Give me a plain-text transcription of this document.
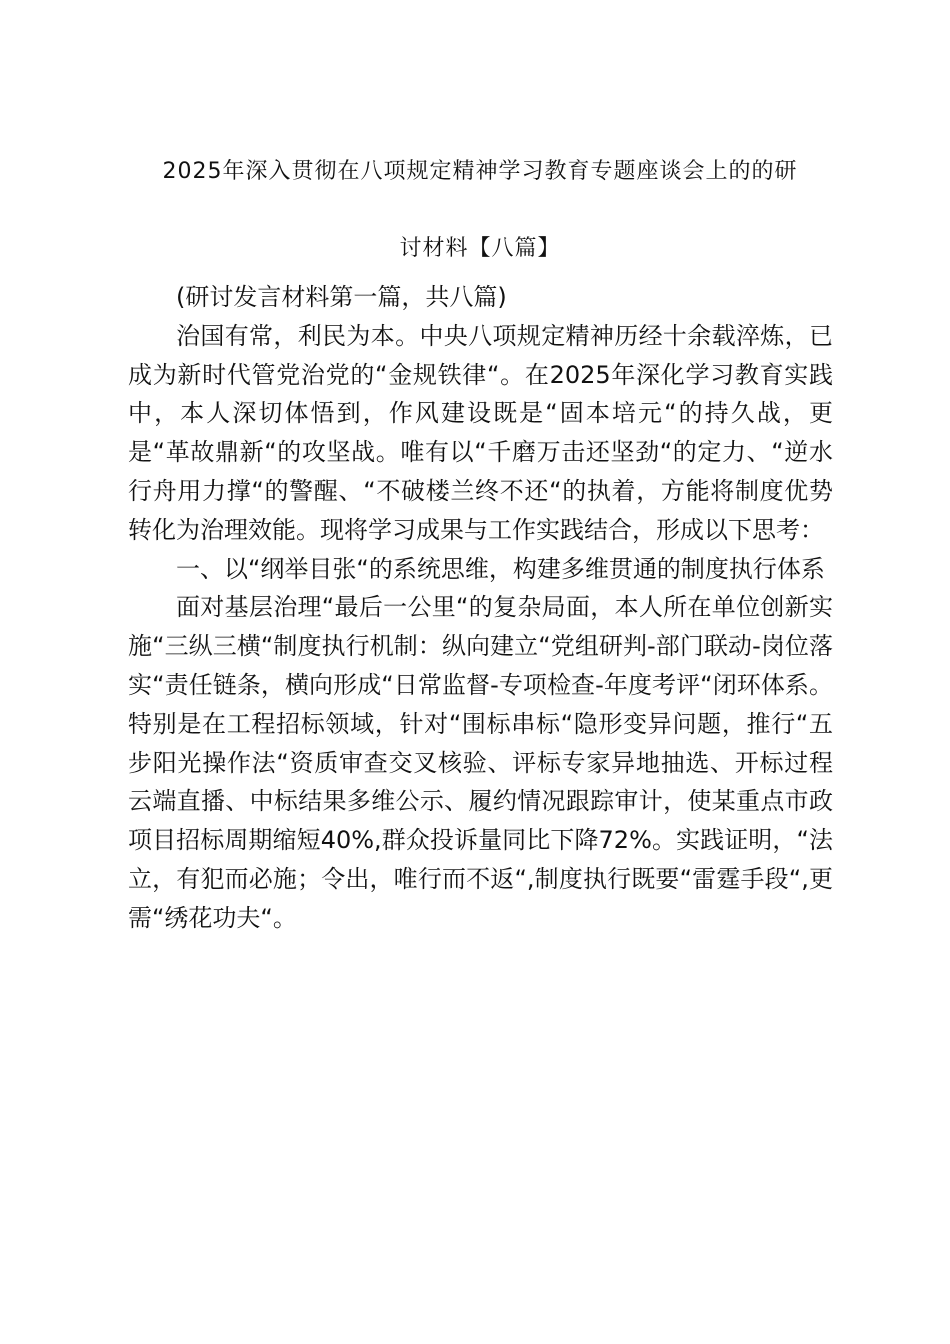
2025年深入贯彻在八项规定精神学习教育专题座谈会上的的研
讨材料【八篇】

(研讨发言材料第一篇，共八篇)

治国有常，利民为本。中央八项规定精神历经十余载淬炼，已成为新时代管党治党的“金规铁律“。在2025年深化学习教育实践中，本人深切体悟到，作风建设既是“固本培元“的持久战，更是“革故鼎新“的攻坚战。唯有以“千磨万击还坚劲“的定力、“逆水行舟用力撑“的警醒、“不破楼兰终不还“的执着，方能将制度优势转化为治理效能。现将学习成果与工作实践结合，形成以下思考：

一、以“纲举目张“的系统思维，构建多维贯通的制度执行体系

面对基层治理“最后一公里“的复杂局面，本人所在单位创新实施“三纵三横“制度执行机制：纵向建立“党组研判-部门联动-岗位落实“责任链条，横向形成“日常监督-专项检查-年度考评“闭环体系。特别是在工程招标领域，针对“围标串标“隐形变异问题，推行“五步阳光操作法“资质审查交叉核验、评标专家异地抽选、开标过程云端直播、中标结果多维公示、履约情况跟踪审计，使某重点市政项目招标周期缩短40%,群众投诉量同比下降72%。实践证明，“法立，有犯而必施；令出，唯行而不返“,制度执行既要“雷霆手段“,更需“绣花功夫“。
